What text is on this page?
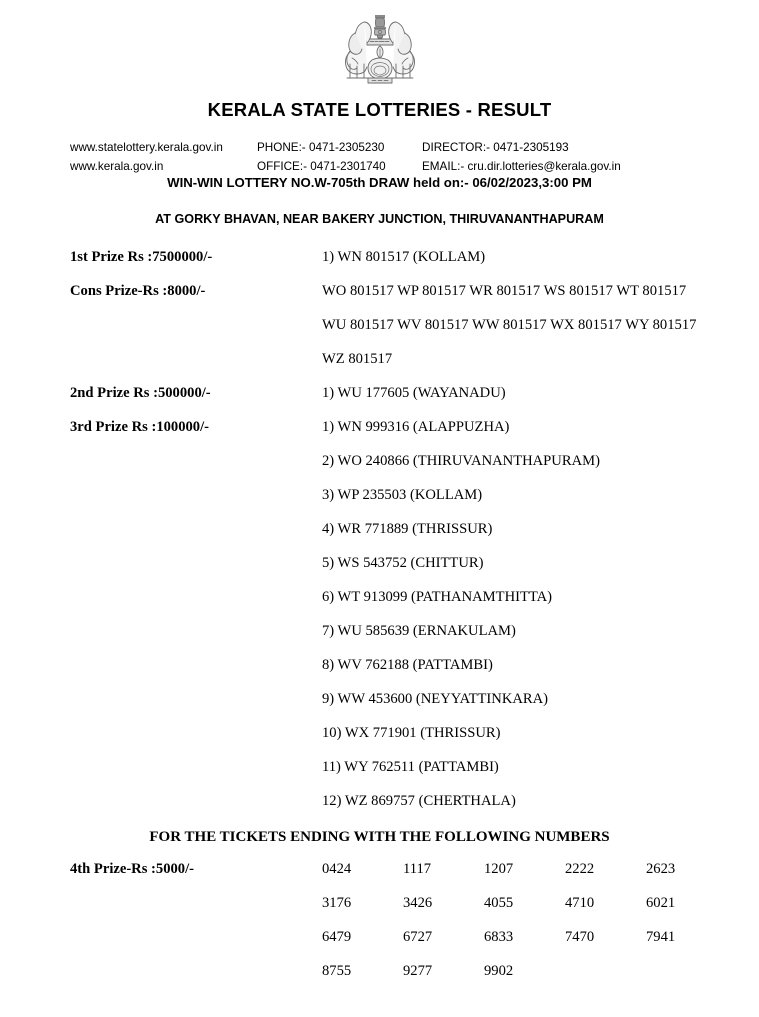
KERALA STATE LOTTERIES - RESULT
www.statelottery.kerala.gov.in	PHONE:- 0471-2305230	DIRECTOR:- 0471-2305193
www.kerala.gov.in	OFFICE:- 0471-2301740	EMAIL:- cru.dir.lotteries@kerala.gov.in
WIN-WIN LOTTERY NO.W-705th DRAW held on:- 06/02/2023,3:00 PM
AT GORKY BHAVAN, NEAR BAKERY JUNCTION, THIRUVANANTHAPURAM
1st Prize Rs :7500000/-	1) WN 801517 (KOLLAM)
Cons Prize-Rs :8000/-	WO 801517 WP 801517 WR 801517 WS 801517 WT 801517
WU 801517 WV 801517 WW 801517 WX 801517 WY 801517
WZ 801517
2nd Prize Rs :500000/-	1) WU 177605 (WAYANADU)
3rd Prize Rs :100000/-	1) WN 999316 (ALAPPUZHA)
2) WO 240866 (THIRUVANANTHAPURAM)
3) WP 235503 (KOLLAM)
4) WR 771889 (THRISSUR)
5) WS 543752 (CHITTUR)
6) WT 913099 (PATHANAMTHITTA)
7) WU 585639 (ERNAKULAM)
8) WV 762188 (PATTAMBI)
9) WW 453600 (NEYYATTINKARA)
10) WX 771901 (THRISSUR)
11) WY 762511 (PATTAMBI)
12) WZ 869757 (CHERTHALA)
FOR THE TICKETS ENDING WITH THE FOLLOWING NUMBERS
4th Prize-Rs :5000/-	0424	1117	1207	2222	2623
3176	3426	4055	4710	6021
6479	6727	6833	7470	7941
8755	9277	9902
